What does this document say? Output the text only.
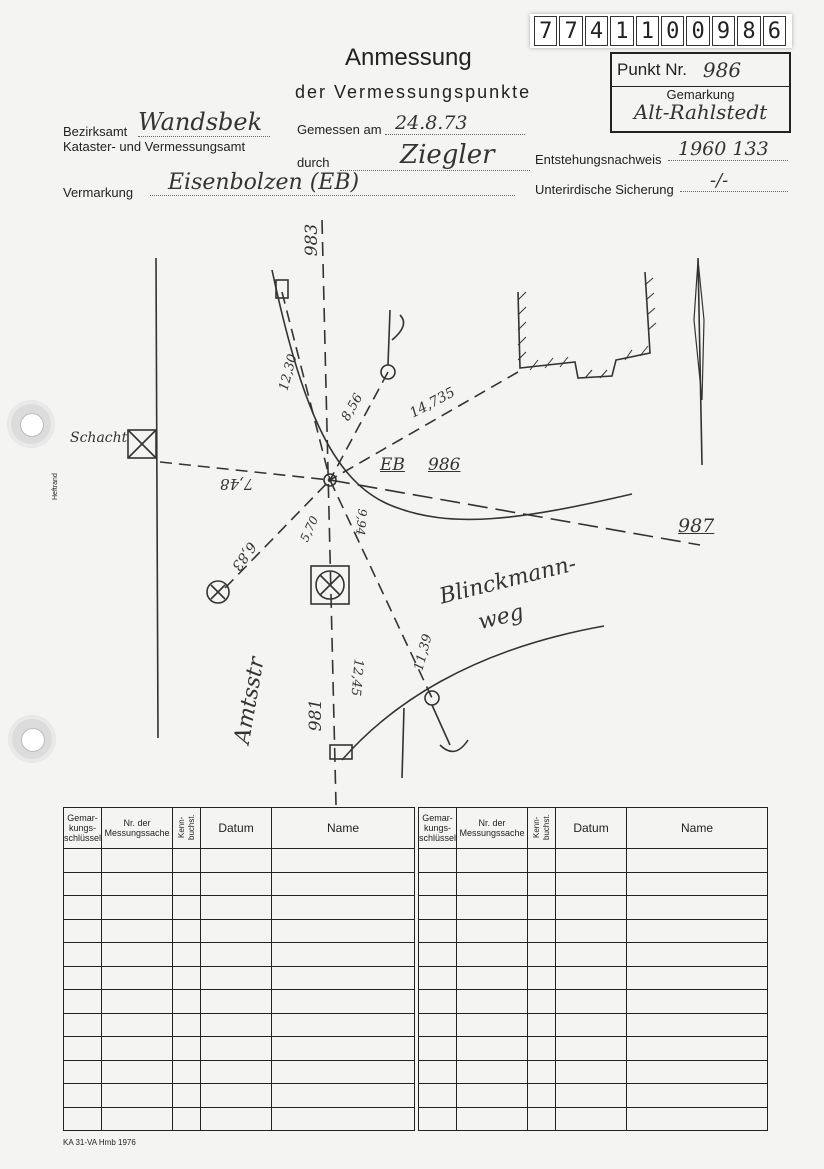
7 7 4 1 1 0 0 9 8 6
Anmessung
der Vermessungspunkte
Punkt Nr. 986
Gemarkung
Alt-Rahlstedt
Bezirksamt Wandsbek
Kataster- und Vermessungsamt
Gemessen am 24.8.73
durch	Ziegler	Entstehungsnachweis 1960 133
Vermarkung	Eisenbolzen (EB)	Unterirdische Sicherung	-/-
Heftrand
Schacht
EB 986
983
981
987
12,30
8,56	14,735
7,48
6,83
5,70	9,94
12,45
11,39
Blinckmann-
weg
Amtsstr
Gemar-kungs-schlüssel	Nr. der Messungssache	Kenn-buchst.	Datum	Name

Gemar-kungs-schlüssel	Nr. der Messungssache	Kenn-buchst.	Datum	Name

KA 31-VA Hmb 1976
